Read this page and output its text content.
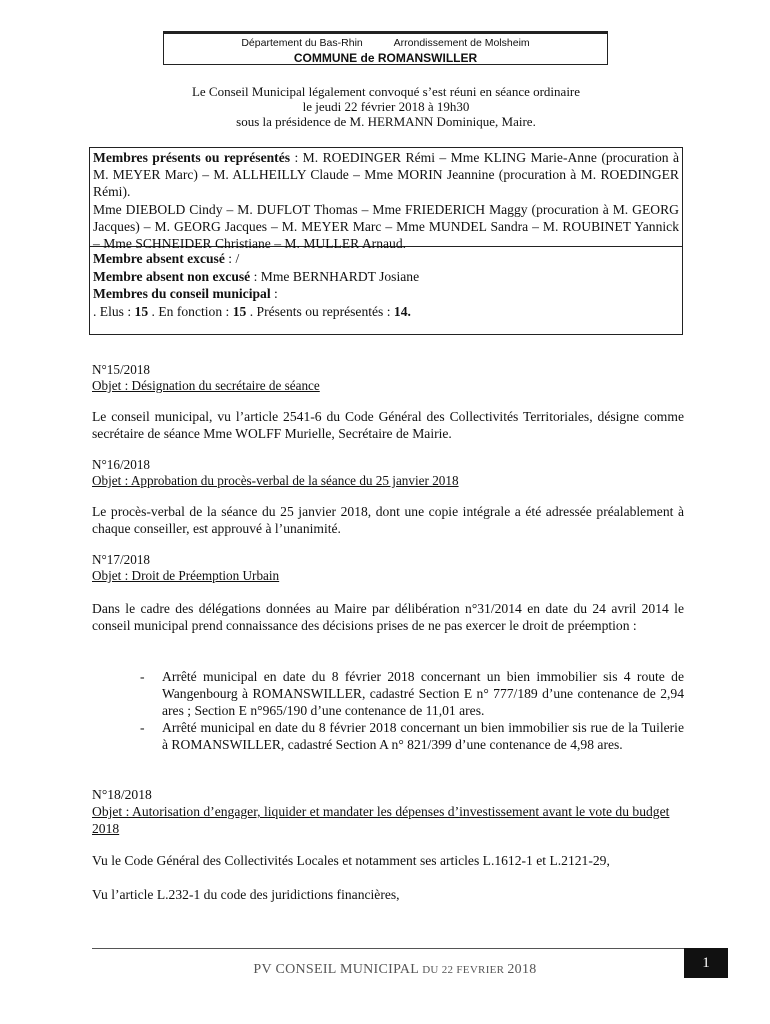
Département du Bas-Rhin	Arrondissement de Molsheim
COMMUNE de ROMANSWILLER
Le Conseil Municipal légalement convoqué s’est réuni en séance ordinaire
le jeudi 22 février 2018 à 19h30
sous la présidence de M. HERMANN Dominique, Maire.
Membres présents ou représentés : M. ROEDINGER Rémi – Mme KLING Marie-Anne (procuration à M. MEYER Marc) – M. ALLHEILLY Claude – Mme MORIN Jeannine (procuration à M. ROEDINGER Rémi).
Mme DIEBOLD Cindy – M. DUFLOT Thomas – Mme FRIEDERICH Maggy (procuration à M. GEORG Jacques) – M. GEORG Jacques – M. MEYER Marc – Mme MUNDEL Sandra – M. ROUBINET Yannick – Mme SCHNEIDER Christiane – M. MULLER Arnaud.
Membre absent excusé : /
Membre absent non excusé : Mme BERNHARDT Josiane
Membres du conseil municipal :
. Elus : 15 . En fonction : 15 . Présents ou représentés : 14.
N°15/2018
Objet : Désignation du secrétaire de séance
Le conseil municipal, vu l’article 2541-6 du Code Général des Collectivités Territoriales, désigne comme secrétaire de séance Mme WOLFF Murielle, Secrétaire de Mairie.
N°16/2018
Objet : Approbation du procès-verbal de la séance du 25 janvier 2018
Le procès-verbal de la séance du 25 janvier 2018, dont une copie intégrale a été adressée préalablement à chaque conseiller, est approuvé à l’unanimité.
N°17/2018
Objet : Droit de Préemption Urbain
Dans le cadre des délégations données au Maire par délibération n°31/2014 en date du 24 avril 2014 le conseil municipal prend connaissance des décisions prises de ne pas exercer le droit de préemption :
- Arrêté municipal en date du 8 février 2018 concernant un bien immobilier sis 4 route de Wangenbourg à ROMANSWILLER, cadastré Section E n° 777/189 d’une contenance de 2,94 ares ; Section E n°965/190 d’une contenance de 11,01 ares.
- Arrêté municipal en date du 8 février 2018 concernant un bien immobilier sis rue de la Tuilerie à ROMANSWILLER, cadastré Section A n° 821/399 d’une contenance de 4,98 ares.
N°18/2018
Objet : Autorisation d’engager, liquider et mandater les dépenses d’investissement avant le vote du budget 2018
Vu le Code Général des Collectivités Locales et notamment ses articles L.1612-1 et L.2121-29,
Vu l’article L.232-1 du code des juridictions financières,
PV CONSEIL MUNICIPAL DU 22 FEVRIER 2018	1
